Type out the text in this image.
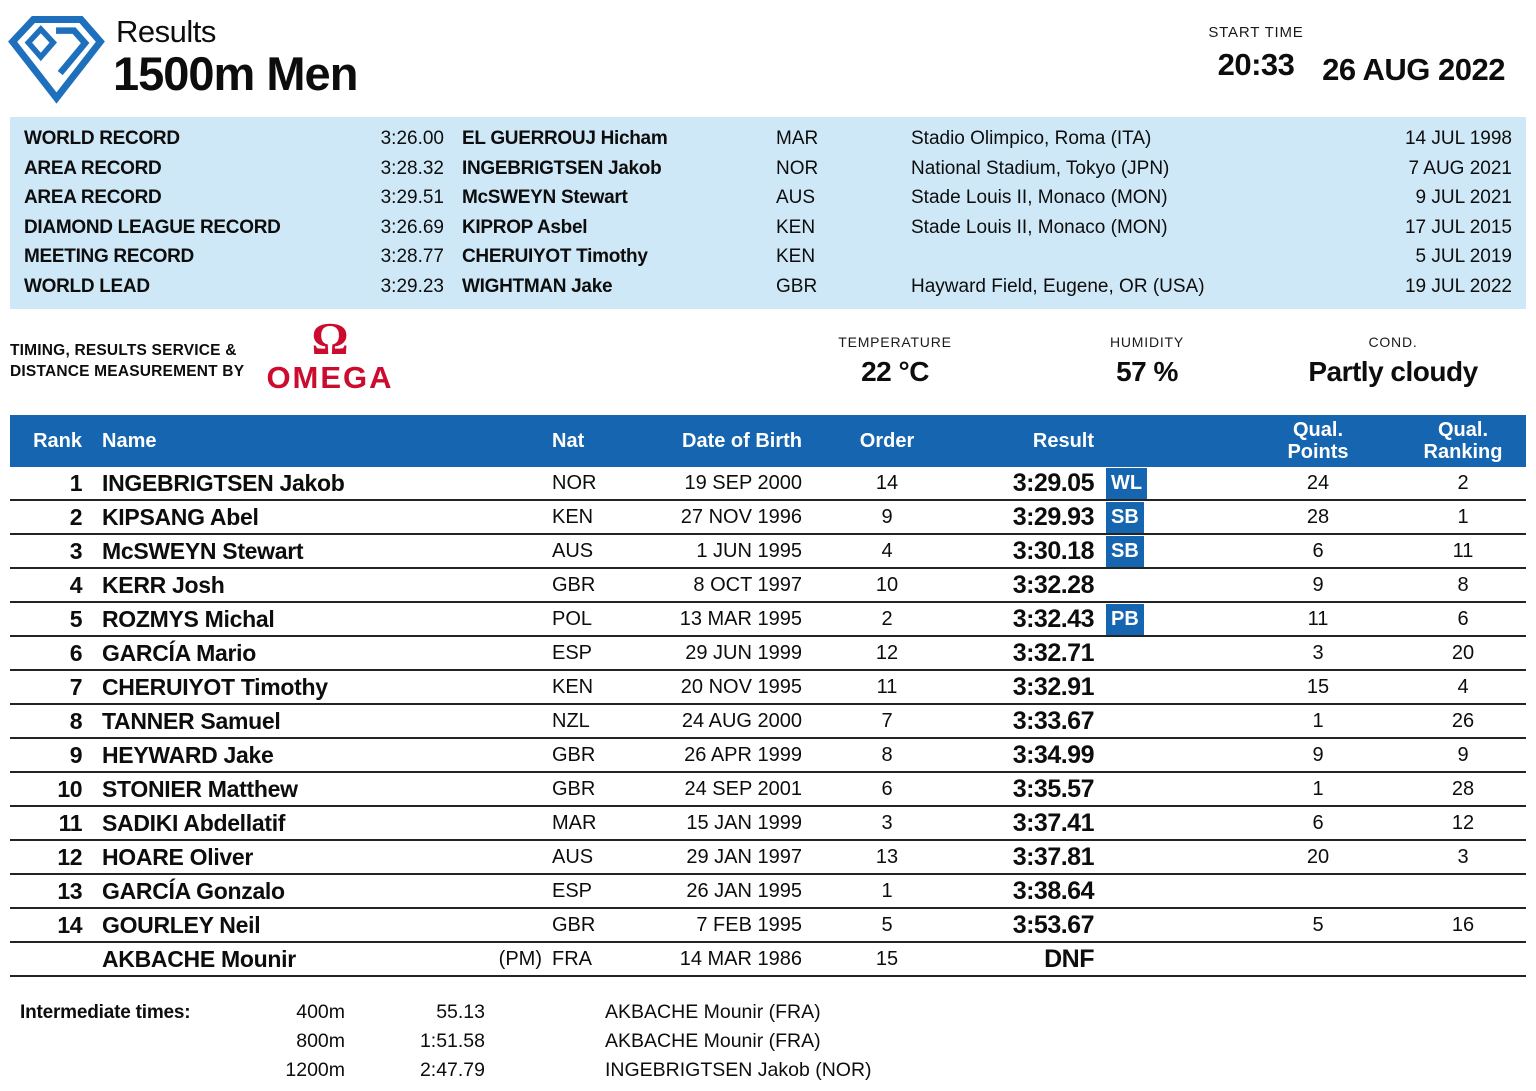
Results
1500m Men
START TIME
20:33 26 AUG 2022
WORLD RECORD	3:26.00 EL GUERROUJ Hicham	MAR	Stadio Olimpico, Roma (ITA)	14 JUL 1998
AREA RECORD	3:28.32 INGEBRIGTSEN Jakob	NOR	National Stadium, Tokyo (JPN)	7 AUG 2021
AREA RECORD	3:29.51 McSWEYN Stewart	AUS	Stade Louis II, Monaco (MON)	9 JUL 2021
DIAMOND LEAGUE RECORD	3:26.69 KIPROP Asbel	KEN	Stade Louis II, Monaco (MON)	17 JUL 2015
MEETING RECORD	3:28.77 CHERUIYOT Timothy	KEN	5 JUL 2019
WORLD LEAD	3:29.23 WIGHTMAN Jake	GBR	Hayward Field, Eugene, OR (USA)	19 JUL 2022
TIMING, RESULTS SERVICE &
DISTANCE MEASUREMENT BY
Ω
OMEGA
TEMPERATURE
22 °C
HUMIDITY
57 %
COND.
Partly cloudy
Rank	Name	Nat	Date of Birth	Order	Result	Qual.
Points
Qual.
Ranking
1 INGEBRIGTSEN Jakob	NOR	19 SEP 2000	14	3:29.05 WL	24	2
2 KIPSANG Abel	KEN	27 NOV 1996	9	3:29.93 SB	28	1
3 McSWEYN Stewart	AUS	1 JUN 1995	4	3:30.18 SB	6	11
4 KERR Josh	GBR	8 OCT 1997	10	3:32.28	9	8
5 ROZMYS Michal	POL	13 MAR 1995	2	3:32.43 PB	11	6
6 GARCÍA Mario	ESP	29 JUN 1999	12	3:32.71	3	20
7 CHERUIYOT Timothy	KEN	20 NOV 1995	11	3:32.91	15	4
8 TANNER Samuel	NZL	24 AUG 2000	7	3:33.67	1	26
9 HEYWARD Jake	GBR	26 APR 1999	8	3:34.99	9	9
10 STONIER Matthew	GBR	24 SEP 2001	6	3:35.57	1	28
11 SADIKI Abdellatif	MAR	15 JAN 1999	3	3:37.41	6	12
12 HOARE Oliver	AUS	29 JAN 1997	13	3:37.81	20	3
13 GARCÍA Gonzalo	ESP	26 JAN 1995	1	3:38.64
14 GOURLEY Neil	GBR	7 FEB 1995	5	3:53.67	5	16
AKBACHE Mounir	(PM) FRA	14 MAR 1986	15	DNF
Intermediate times:	400m	55.13	AKBACHE Mounir (FRA)
800m	1:51.58	AKBACHE Mounir (FRA)
1200m	2:47.79	INGEBRIGTSEN Jakob (NOR)
